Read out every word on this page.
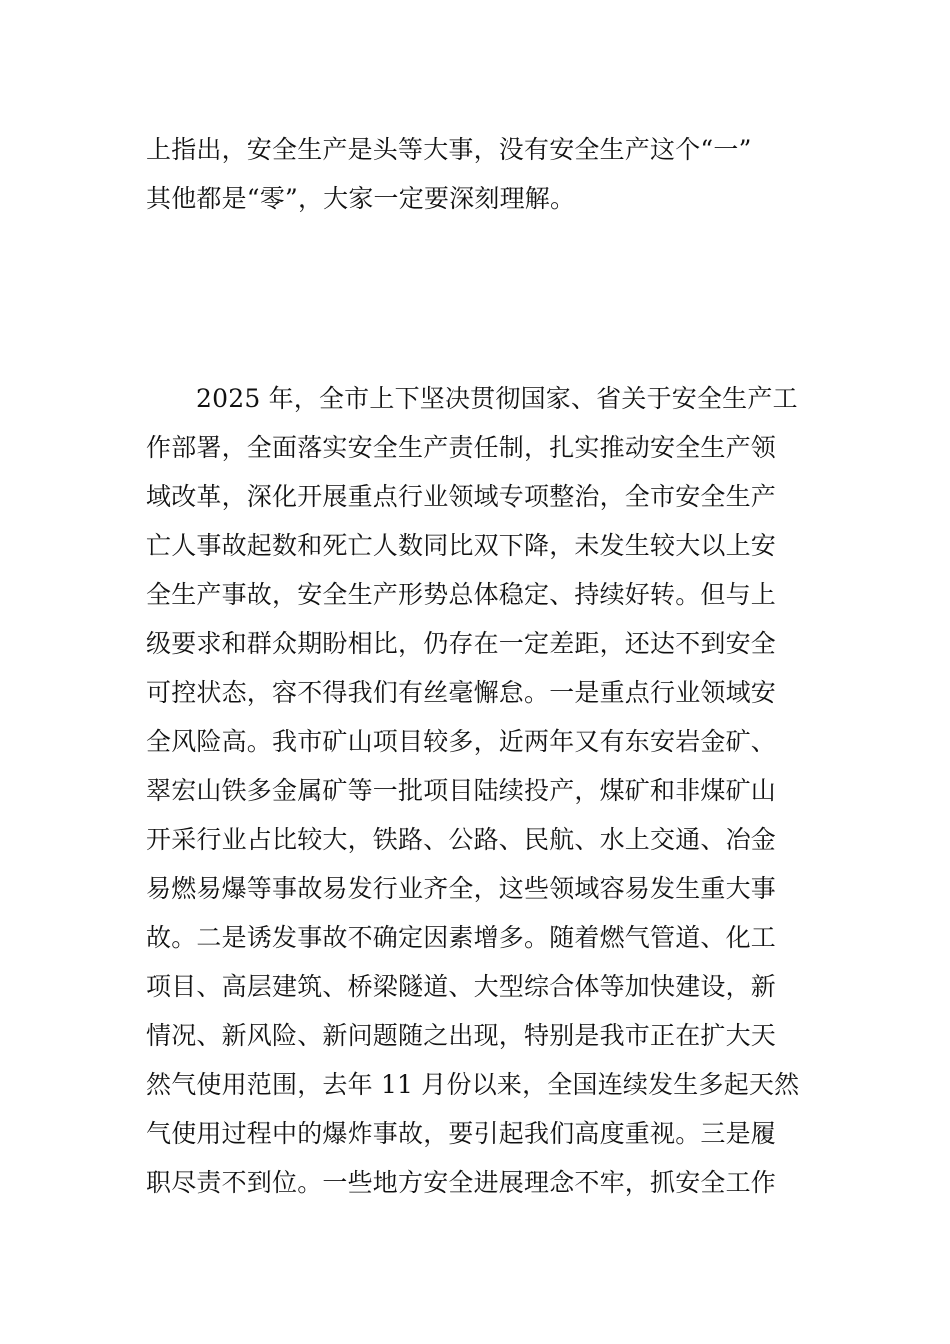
上指出，安全生产是头等大事，没有安全生产这个“一”
其他都是“零”，大家一定要深刻理解。
2025 年，全市上下坚决贯彻国家、省关于安全生产工
作部署，全面落实安全生产责任制，扎实推动安全生产领
域改革，深化开展重点行业领域专项整治，全市安全生产
亡人事故起数和死亡人数同比双下降，未发生较大以上安
全生产事故，安全生产形势总体稳定、持续好转。但与上
级要求和群众期盼相比，仍存在一定差距，还达不到安全
可控状态，容不得我们有丝毫懈怠。一是重点行业领域安
全风险高。我市矿山项目较多，近两年又有东安岩金矿、
翠宏山铁多金属矿等一批项目陆续投产，煤矿和非煤矿山
开采行业占比较大，铁路、公路、民航、水上交通、冶金
易燃易爆等事故易发行业齐全，这些领域容易发生重大事
故。二是诱发事故不确定因素增多。随着燃气管道、化工
项目、高层建筑、桥梁隧道、大型综合体等加快建设，新
情况、新风险、新问题随之出现，特别是我市正在扩大天
然气使用范围，去年 11 月份以来，全国连续发生多起天然
气使用过程中的爆炸事故，要引起我们高度重视。三是履
职尽责不到位。一些地方安全进展理念不牢，抓安全工作
